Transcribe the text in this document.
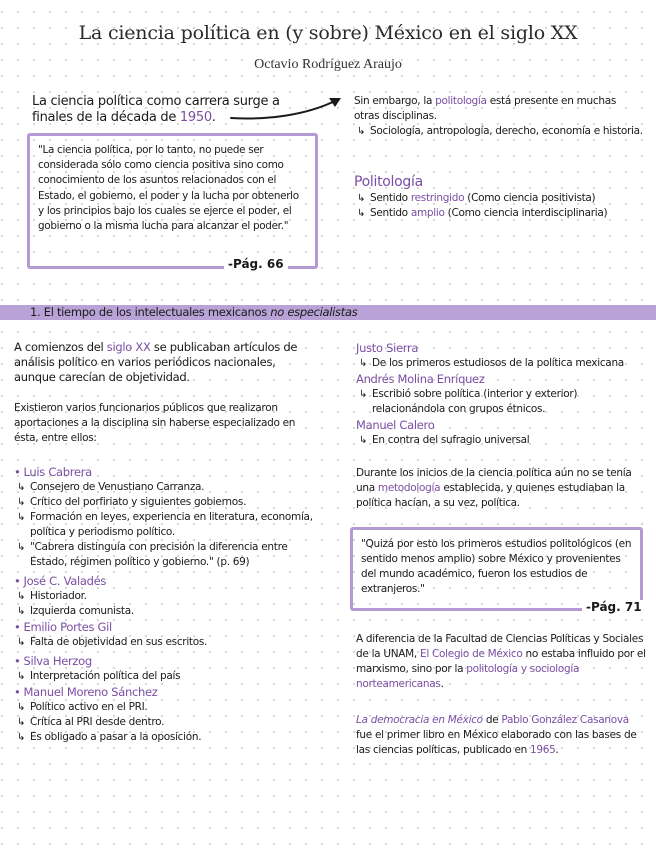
La ciencia política en (y sobre) México en el siglo XX
Octavio Rodríguez Araujo
La ciencia política como carrera surge a
finales de la década de 1950.
"La ciencia política, por lo tanto, no puede ser considerada sólo como ciencia positiva sino como conocimiento de los asuntos relacionados con el Estado, el gobierno, el poder y la lucha por obtenerlo y los principios bajo los cuales se ejerce el poder, el gobierno o la misma lucha para alcanzar el poder."
-Pág. 66
Sin embargo, la politología está presente en muchas otras disciplinas.
↳ Sociología, antropología, derecho, economía e historia.
Politología
↳ Sentido restringido (Como ciencia positivista)
↳ Sentido amplio (Como ciencia interdisciplinaria)
1. El tiempo de los intelectuales mexicanos no especialistas
A comienzos del siglo XX se publicaban artículos de análisis político en varios periódicos nacionales, aunque carecían de objetividad.
Existieron varios funcionarios públicos que realizaron aportaciones a la disciplina sin haberse especializado en ésta, entre ellos:
• Luis Cabrera
↳ Consejero de Venustiano Carranza.
↳ Crítico del porfiriato y siguientes gobiernos.
↳ Formación en leyes, experiencia en literatura, economía, política y periodismo político.
↳ "Cabrera distinguía con precisión la diferencia entre Estado, régimen político y gobierno." (p. 69)
• José C. Valadés
↳ Historiador.
↳ Izquierda comunista.
• Emilio Portes Gil
↳ Falta de objetividad en sus escritos.
• Silva Herzog
↳ Interpretación política del país
• Manuel Moreno Sánchez
↳ Político activo en el PRI.
↳ Crítica al PRI desde dentro.
↳ Es obligado a pasar a la oposición.
Justo Sierra
↳ De los primeros estudiosos de la política mexicana
Andrés Molina Enríquez
↳ Escribió sobre política (interior y exterior) relacionándola con grupos étnicos.
Manuel Calero
↳ En contra del sufragio universal
Durante los inicios de la ciencia política aún no se tenía una metodología establecida, y quienes estudiaban la política hacían, a su vez, política.
"Quizá por esto los primeros estudios politológicos (en sentido menos amplio) sobre México y provenientes del mundo académico, fueron los estudios de extranjeros."
-Pág. 71
A diferencia de la Facultad de Ciencias Políticas y Sociales de la UNAM, El Colegio de México no estaba influido por el marxismo, sino por la politología y sociología norteamericanas.
La democracia en México de Pablo González Casanova fue el primer libro en México elaborado con las bases de las ciencias políticas, publicado en 1965.
